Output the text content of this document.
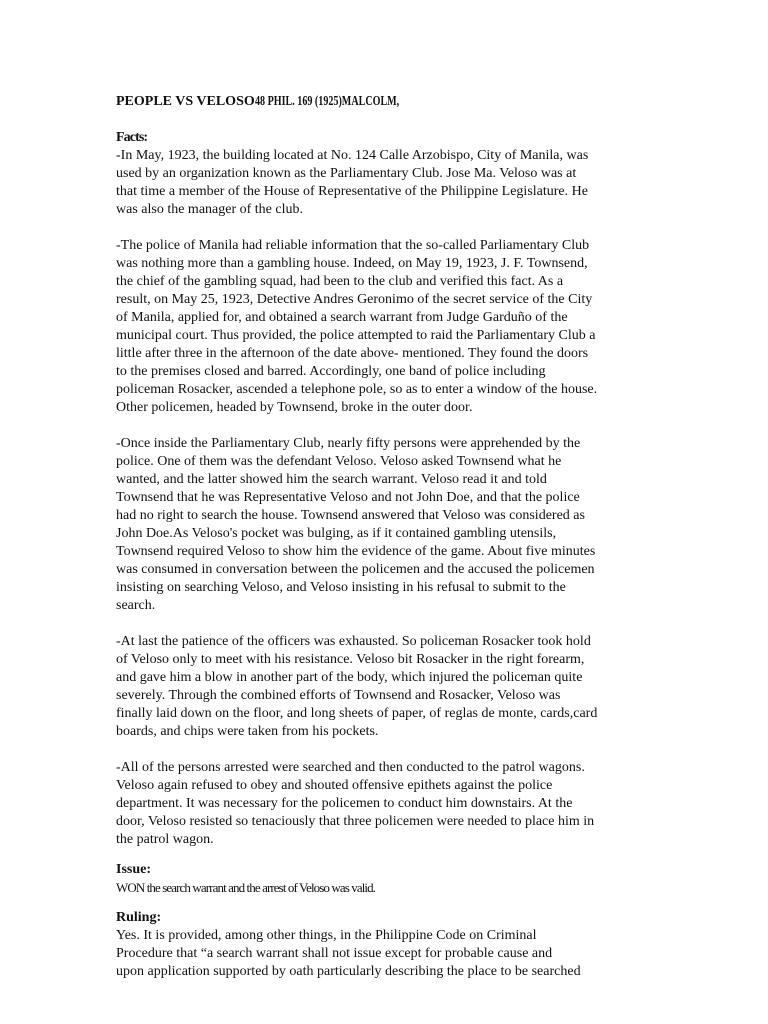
PEOPLE VS VELOSO48 PHIL. 169 (1925)MALCOLM,

Facts:

-In May, 1923, the building located at No. 124 Calle Arzobispo, City of Manila, was
used by an organization known as the Parliamentary Club. Jose Ma. Veloso was at
that time a member of the House of Representative of the Philippine Legislature. He
was also the manager of the club.

-The police of Manila had reliable information that the so-called Parliamentary Club
was nothing more than a gambling house. Indeed, on May 19, 1923, J. F. Townsend,
the chief of the gambling squad, had been to the club and verified this fact. As a
result, on May 25, 1923, Detective Andres Geronimo of the secret service of the City
of Manila, applied for, and obtained a search warrant from Judge Garduño of the
municipal court. Thus provided, the police attempted to raid the Parliamentary Club a
little after three in the afternoon of the date above- mentioned. They found the doors
to the premises closed and barred. Accordingly, one band of police including
policeman Rosacker, ascended a telephone pole, so as to enter a window of the house.
Other policemen, headed by Townsend, broke in the outer door.

-Once inside the Parliamentary Club, nearly fifty persons were apprehended by the
police. One of them was the defendant Veloso. Veloso asked Townsend what he
wanted, and the latter showed him the search warrant. Veloso read it and told
Townsend that he was Representative Veloso and not John Doe, and that the police
had no right to search the house. Townsend answered that Veloso was considered as
John Doe.As Veloso's pocket was bulging, as if it contained gambling utensils,
Townsend required Veloso to show him the evidence of the game. About five minutes
was consumed in conversation between the policemen and the accused the policemen
insisting on searching Veloso, and Veloso insisting in his refusal to submit to the
search.

-At last the patience of the officers was exhausted. So policeman Rosacker took hold
of Veloso only to meet with his resistance. Veloso bit Rosacker in the right forearm,
and gave him a blow in another part of the body, which injured the policeman quite
severely. Through the combined efforts of Townsend and Rosacker, Veloso was
finally laid down on the floor, and long sheets of paper, of reglas de monte, cards,card
boards, and chips were taken from his pockets.

-All of the persons arrested were searched and then conducted to the patrol wagons.
Veloso again refused to obey and shouted offensive epithets against the police
department. It was necessary for the policemen to conduct him downstairs. At the
door, Veloso resisted so tenaciously that three policemen were needed to place him in
the patrol wagon.

Issue:

WON the search warrant and the arrest of Veloso was valid.

Ruling:

Yes. It is provided, among other things, in the Philippine Code on Criminal
Procedure that “a search warrant shall not issue except for probable cause and
upon application supported by oath particularly describing the place to be searched
